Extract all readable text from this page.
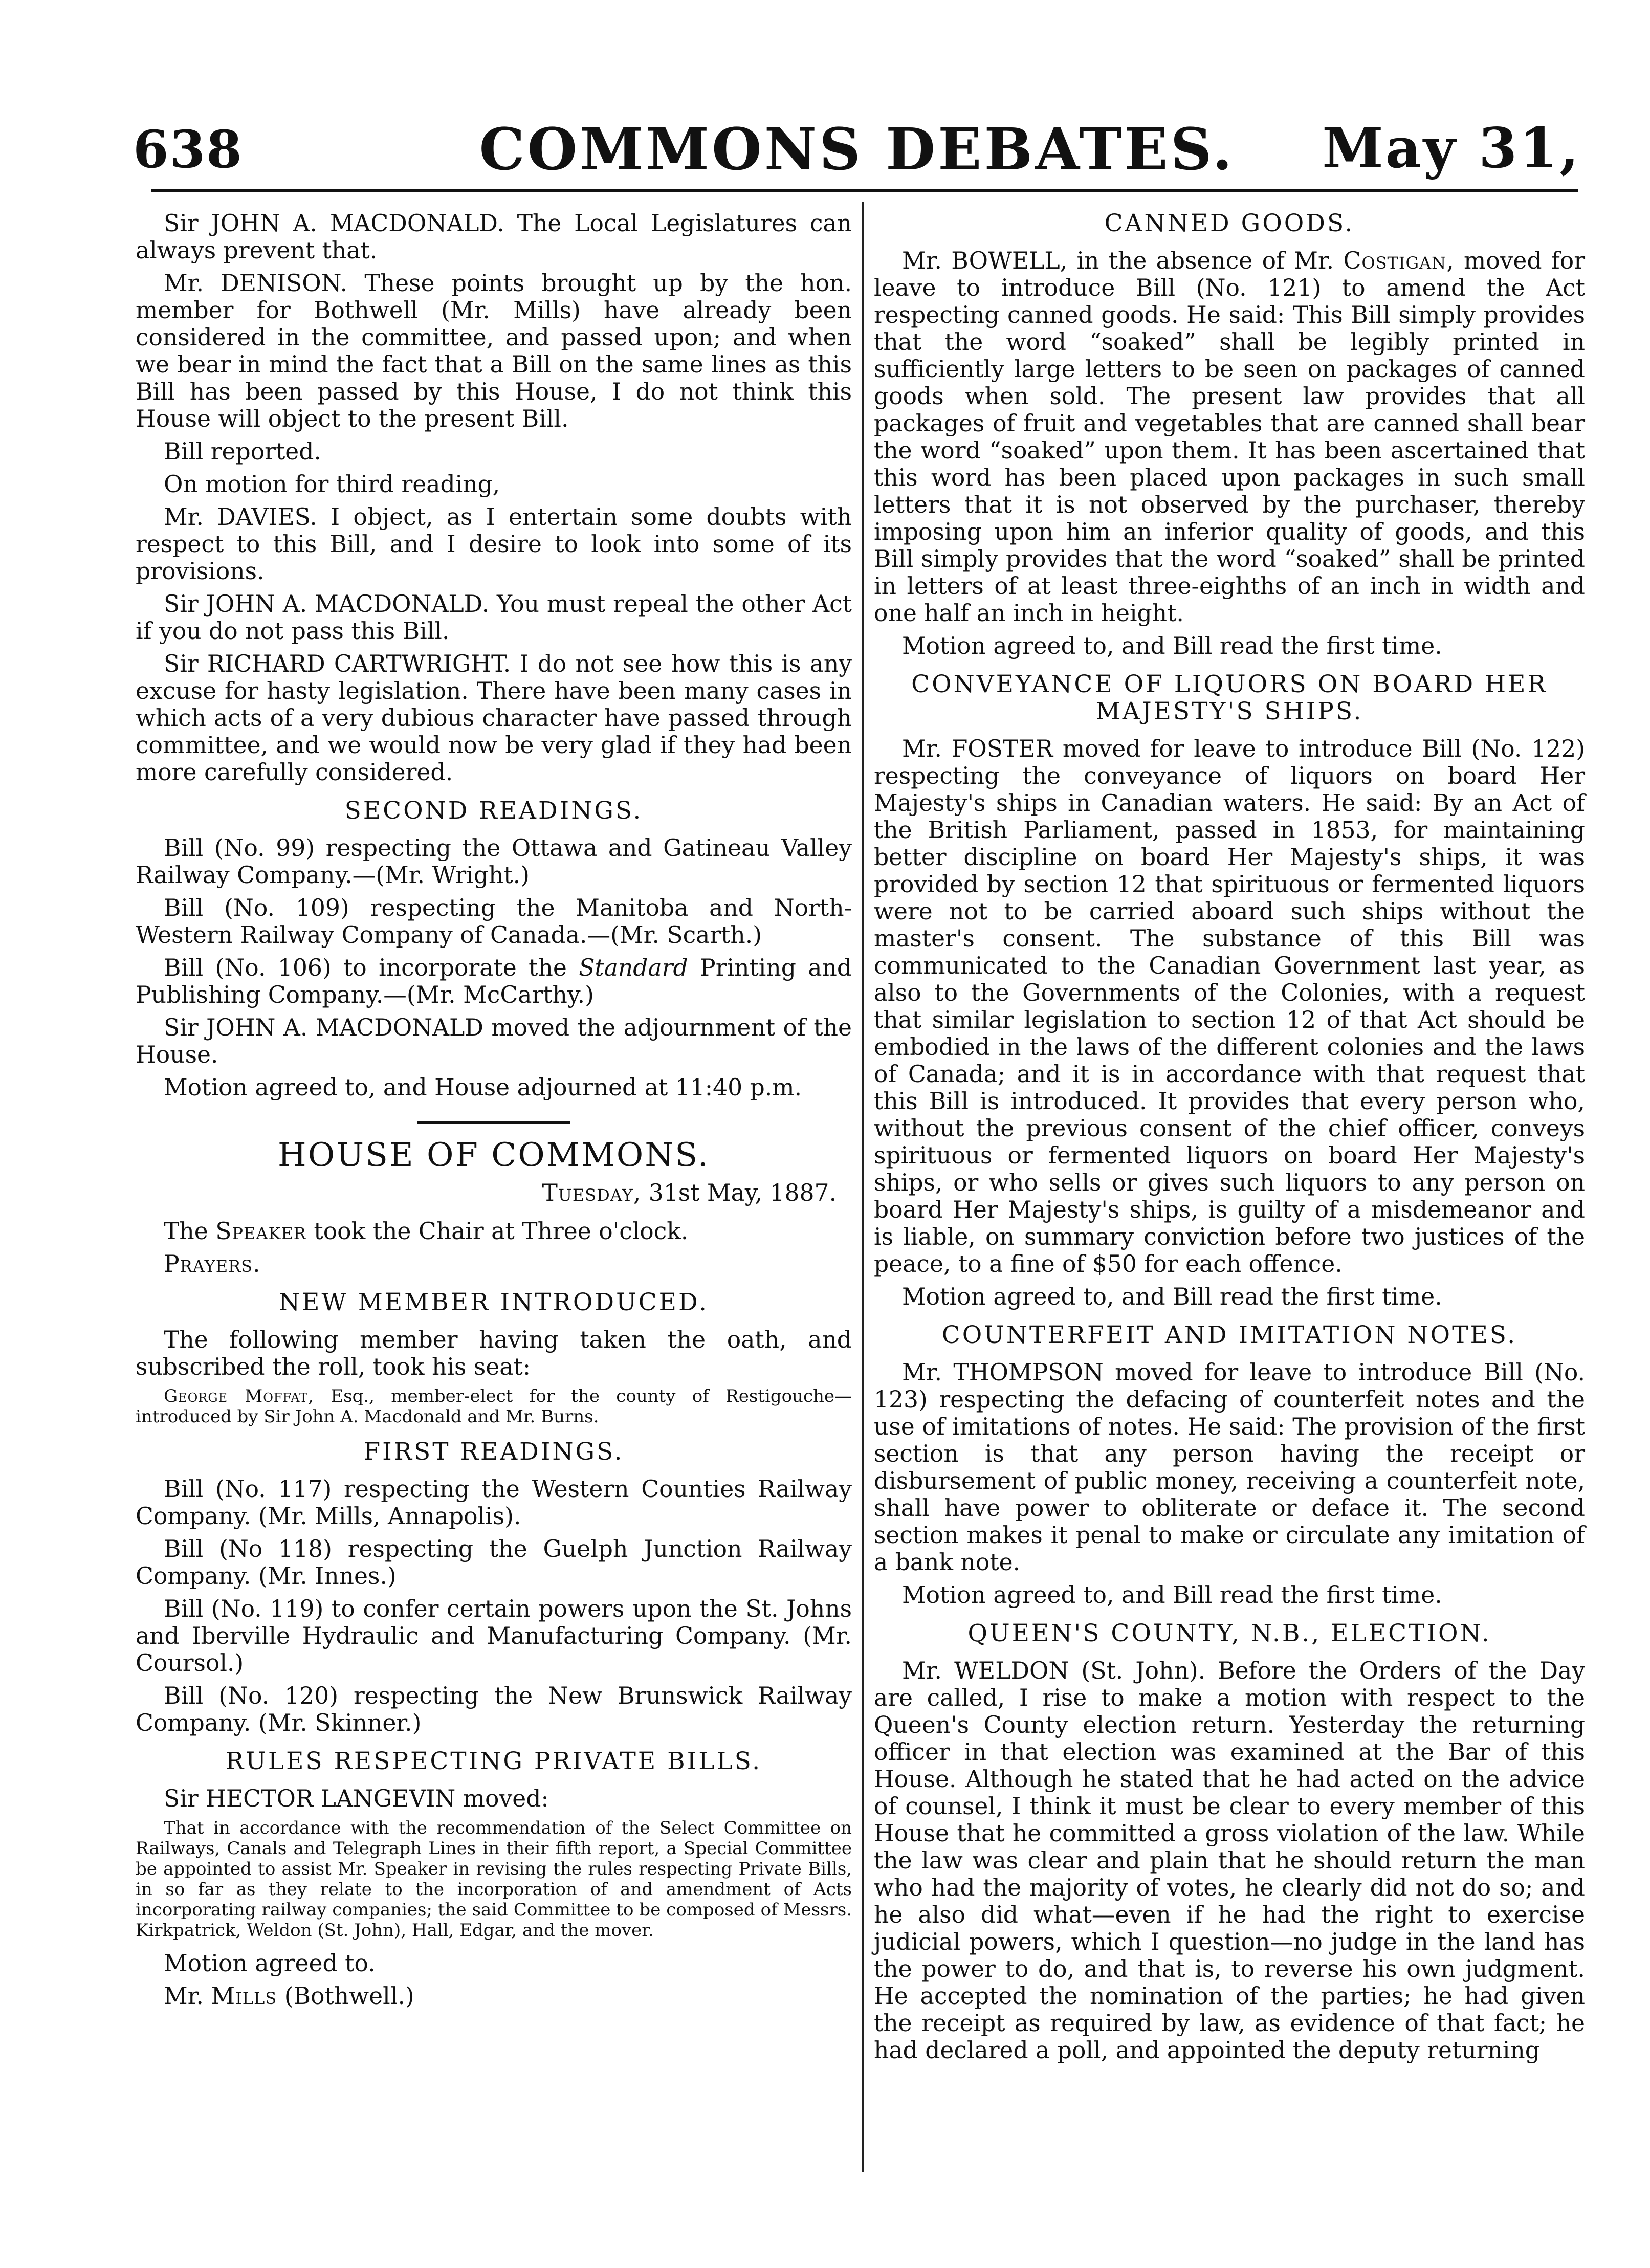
638	COMMONS DEBATES.	May 31,

Sir JOHN A. MACDONALD. The Local Legislatures can always prevent that.

Mr. DENISON. These points brought up by the hon. member for Bothwell (Mr. Mills) have already been considered in the committee, and passed upon; and when we bear in mind the fact that a Bill on the same lines as this Bill has been passed by this House, I do not think this House will object to the present Bill.

Bill reported.

On motion for third reading,

Mr. DAVIES. I object, as I entertain some doubts with respect to this Bill, and I desire to look into some of its provisions.

Sir JOHN A. MACDONALD. You must repeal the other Act if you do not pass this Bill.

Sir RICHARD CARTWRIGHT. I do not see how this is any excuse for hasty legislation. There have been many cases in which acts of a very dubious character have passed through committee, and we would now be very glad if they had been more carefully considered.

SECOND READINGS.

Bill (No. 99) respecting the Ottawa and Gatineau Valley Railway Company.—(Mr. Wright.)

Bill (No. 109) respecting the Manitoba and North-Western Railway Company of Canada.—(Mr. Scarth.)

Bill (No. 106) to incorporate the Standard Printing and Publishing Company.—(Mr. McCarthy.)

Sir JOHN A. MACDONALD moved the adjournment of the House.

Motion agreed to, and House adjourned at 11:40 p.m.

HOUSE OF COMMONS.

Tuesday, 31st May, 1887.

The Speaker took the Chair at Three o'clock.

Prayers.

NEW MEMBER INTRODUCED.

The following member having taken the oath, and subscribed the roll, took his seat:

George Moffat, Esq., member-elect for the county of Restigouche—introduced by Sir John A. Macdonald and Mr. Burns.
FIRST READINGS.

Bill (No. 117) respecting the Western Counties Railway Company. (Mr. Mills, Annapolis).

Bill (No 118) respecting the Guelph Junction Railway Company. (Mr. Innes.)

Bill (No. 119) to confer certain powers upon the St. Johns and Iberville Hydraulic and Manufacturing Company. (Mr. Coursol.)

Bill (No. 120) respecting the New Brunswick Railway Company. (Mr. Skinner.)

RULES RESPECTING PRIVATE BILLS.

Sir HECTOR LANGEVIN moved:

That in accordance with the recommendation of the Select Committee on Railways, Canals and Telegraph Lines in their fifth report, a Special Committee be appointed to assist Mr. Speaker in revising the rules respecting Private Bills, in so far as they relate to the incorporation of and amendment of Acts incorporating railway companies; the said Committee to be composed of Messrs. Kirkpatrick, Weldon (St. John), Hall, Edgar, and the mover.

Motion agreed to.

Mr. Mills (Bothwell.)

CANNED GOODS.

Mr. BOWELL, in the absence of Mr. Costigan, moved for leave to introduce Bill (No. 121) to amend the Act respecting canned goods. He said: This Bill simply provides that the word “soaked” shall be legibly printed in sufficiently large letters to be seen on packages of canned goods when sold. The present law provides that all packages of fruit and vegetables that are canned shall bear the word “soaked” upon them. It has been ascertained that this word has been placed upon packages in such small letters that it is not observed by the purchaser, thereby imposing upon him an inferior quality of goods, and this Bill simply provides that the word “soaked” shall be printed in letters of at least three-eighths of an inch in width and one half an inch in height.

Motion agreed to, and Bill read the first time.

CONVEYANCE OF LIQUORS ON BOARD HER
MAJESTY'S SHIPS.

Mr. FOSTER moved for leave to introduce Bill (No. 122) respecting the conveyance of liquors on board Her Majesty's ships in Canadian waters. He said: By an Act of the British Parliament, passed in 1853, for maintaining better discipline on board Her Majesty's ships, it was provided by section 12 that spirituous or fermented liquors were not to be carried aboard such ships without the master's consent. The substance of this Bill was communicated to the Canadian Government last year, as also to the Governments of the Colonies, with a request that similar legislation to section 12 of that Act should be embodied in the laws of the different colonies and the laws of Canada; and it is in accordance with that request that this Bill is introduced. It provides that every person who, without the previous consent of the chief officer, conveys spirituous or fermented liquors on board Her Majesty's ships, or who sells or gives such liquors to any person on board Her Majesty's ships, is guilty of a misdemeanor and is liable, on summary conviction before two justices of the peace, to a fine of $50 for each offence.

Motion agreed to, and Bill read the first time.

COUNTERFEIT AND IMITATION NOTES.

Mr. THOMPSON moved for leave to introduce Bill (No. 123) respecting the defacing of counterfeit notes and the use of imitations of notes. He said: The provision of the first section is that any person having the receipt or disbursement of public money, receiving a counterfeit note, shall have power to obliterate or deface it. The second section makes it penal to make or circulate any imitation of a bank note.

Motion agreed to, and Bill read the first time.

QUEEN'S COUNTY, N.B., ELECTION.

Mr. WELDON (St. John). Before the Orders of the Day are called, I rise to make a motion with respect to the Queen's County election return. Yesterday the returning officer in that election was examined at the Bar of this House. Although he stated that he had acted on the advice of counsel, I think it must be clear to every member of this House that he committed a gross violation of the law. While the law was clear and plain that he should return the man who had the majority of votes, he clearly did not do so; and he also did what—even if he had the right to exercise judicial powers, which I question—no judge in the land has the power to do, and that is, to reverse his own judgment. He accepted the nomination of the parties; he had given the receipt as required by law, as evidence of that fact; he had declared a poll, and appointed the deputy returning
